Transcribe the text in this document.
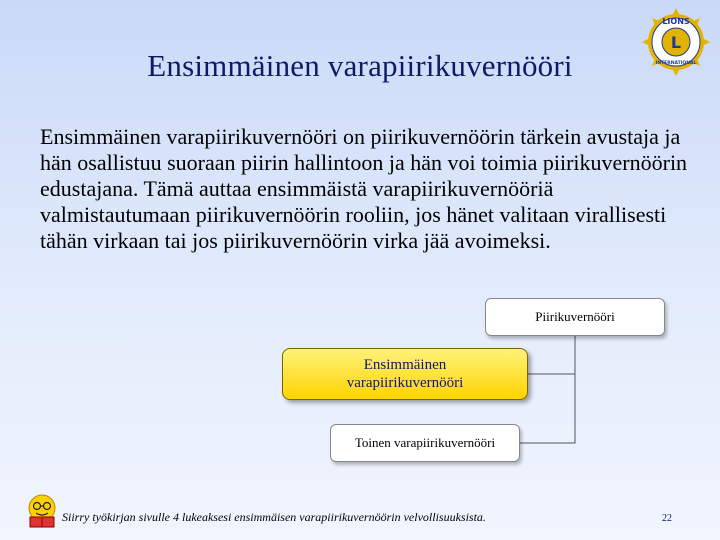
Ensimmäinen varapiirikuvernööri
LIONS
L
INTERNATIONAL
Ensimmäinen varapiirikuvernööri on piirikuvernöörin tärkein avustaja ja hän osallistuu suoraan piirin hallintoon ja hän voi toimia piirikuvernöörin edustajana. Tämä auttaa ensimmäistä varapiirikuvernööriä valmistautumaan piirikuvernöörin rooliin, jos hänet valitaan virallisesti tähän virkaan tai jos piirikuvernöörin virka jää avoimeksi.
Piirikuvernööri
Ensimmäinen
varapiirikuvernööri
Toinen varapiirikuvernööri
Siirry työkirjan sivulle 4 lukeaksesi ensimmäisen varapiirikuvernöörin velvollisuuksista.	22
